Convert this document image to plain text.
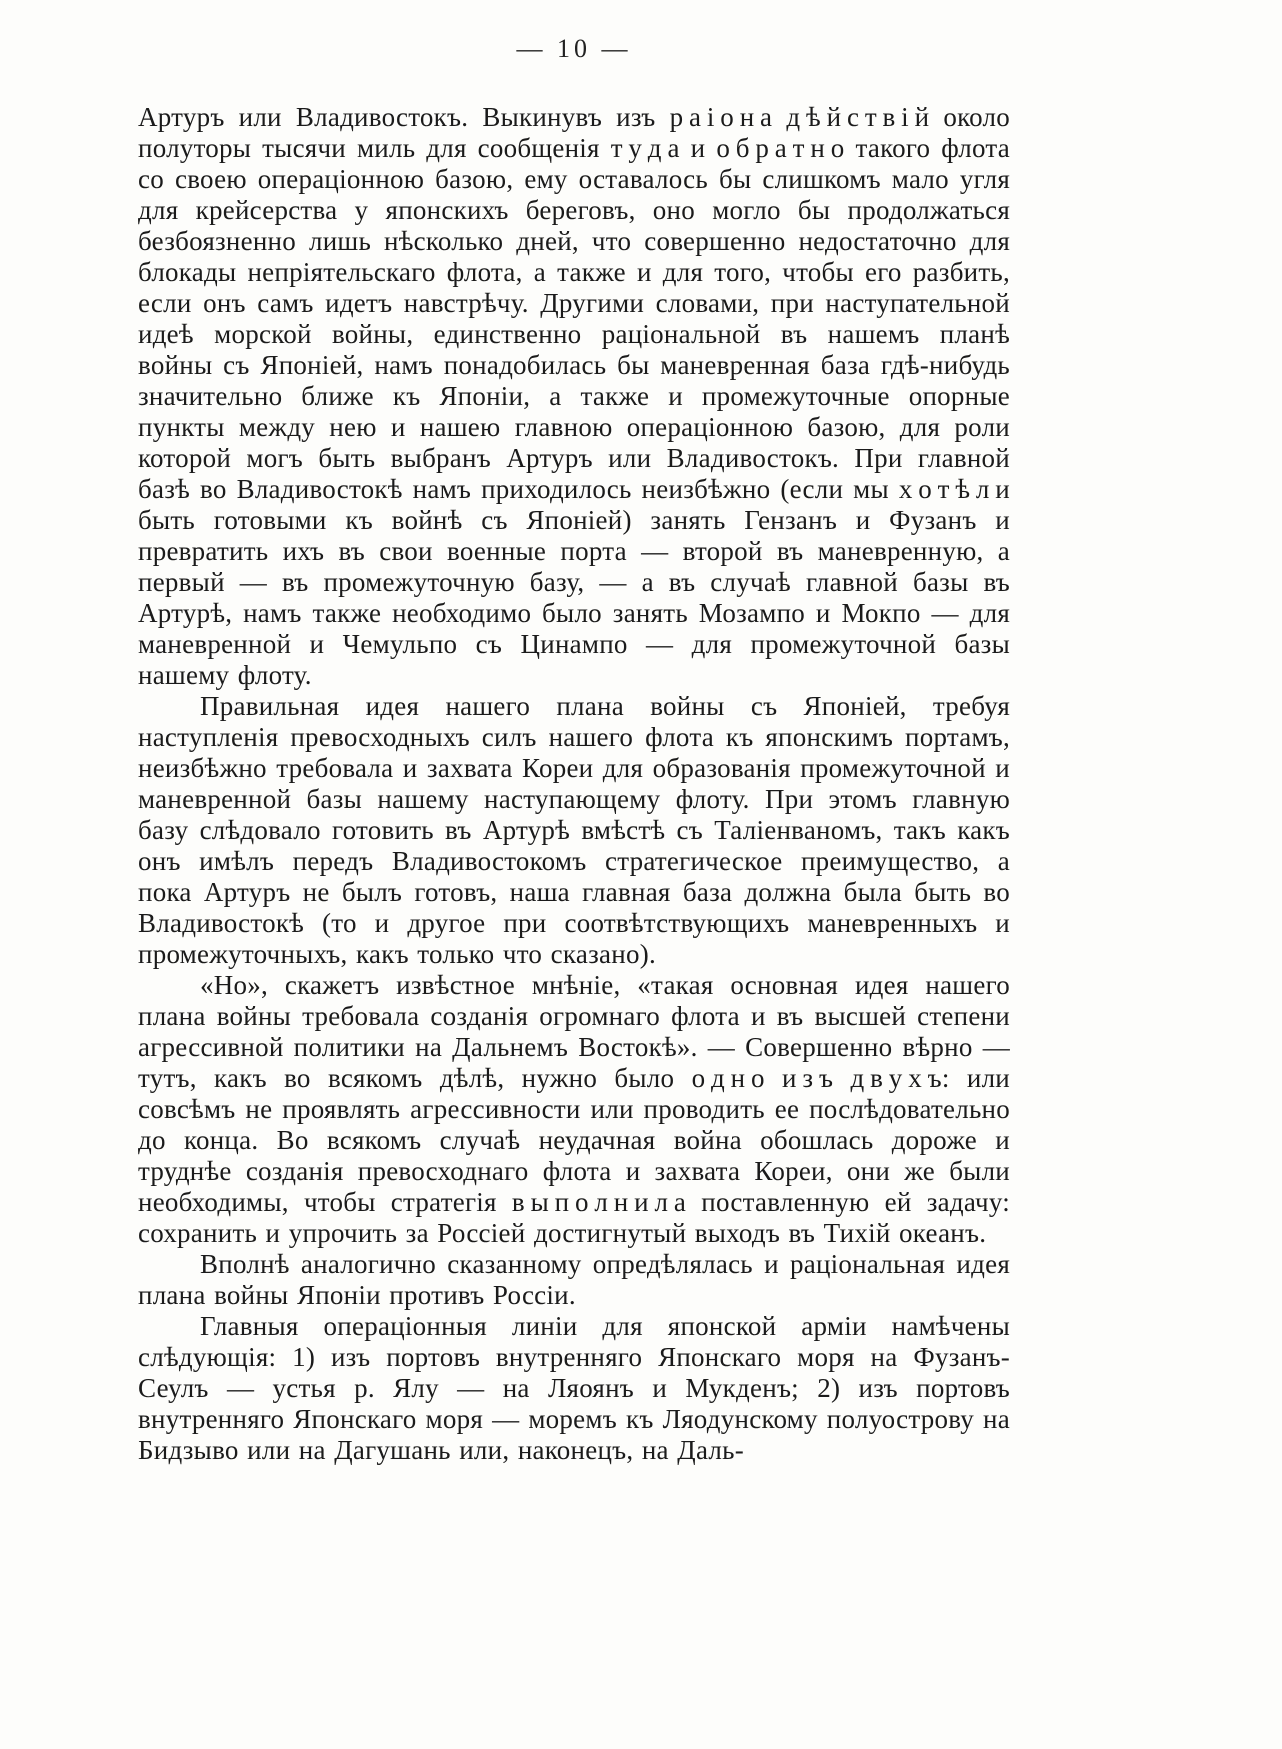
— 10 —

Артуръ или Владивостокъ. Выкинувъ изъ р а і о н а д ѣ й с т в і й около полуторы тысячи миль для сообщенія т у д а и о б р а т н о такого флота со своею операціонною базою, ему оставалось бы слишкомъ мало угля для крейсерства у японскихъ береговъ, оно могло бы продолжаться безбоязненно лишь нѣсколько дней, что совершенно недостаточно для блокады непріятельскаго флота, а также и для того, чтобы его разбить, если онъ самъ идетъ навстрѣчу. Другими словами, при наступательной идеѣ морской войны, единственно раціональной въ нашемъ планѣ войны съ Японіей, намъ понадобилась бы маневренная база гдѣ-нибудь значительно ближе къ Японіи, а также и промежуточные опорные пункты между нею и нашею главною операціонною базою, для роли которой могъ быть выбранъ Артуръ или Владивостокъ. При главной базѣ во Владивостокѣ намъ приходилось неизбѣжно (если мы х о т ѣ л и быть готовыми къ войнѣ съ Японіей) занять Гензанъ и Фузанъ и превратить ихъ въ свои военные порта — второй въ маневренную, а первый — въ промежуточную базу, — а въ случаѣ главной базы въ Артурѣ, намъ также необходимо было занять Мозампо и Мокпо — для маневренной и Чемульпо съ Цинампо — для промежуточной базы нашему флоту.

Правильная идея нашего плана войны съ Японіей, требуя наступленія превосходныхъ силъ нашего флота къ японскимъ портамъ, неизбѣжно требовала и захвата Кореи для образованія промежуточной и маневренной базы нашему наступающему флоту. При этомъ главную базу слѣдовало готовить въ Артурѣ вмѣстѣ съ Таліенваномъ, такъ какъ онъ имѣлъ передъ Владивостокомъ стратегическое преимущество, а пока Артуръ не былъ готовъ, наша главная база должна была быть во Владивостокѣ (то и другое при соотвѣтствующихъ маневренныхъ и промежуточныхъ, какъ только что сказано).

«Но», скажетъ извѣстное мнѣніе, «такая основная идея нашего плана войны требовала созданія огромнаго флота и въ высшей степени агрессивной политики на Дальнемъ Востокѣ». — Совершенно вѣрно — тутъ, какъ во всякомъ дѣлѣ, нужно было о д н о и з ъ д в у х ъ: или совсѣмъ не проявлять агрессивности или проводить ее послѣдовательно до конца. Во всякомъ случаѣ неудачная война обошлась дороже и труднѣе созданія превосходнаго флота и захвата Кореи, они же были необходимы, чтобы стратегія в ы п о л н и л а поставленную ей задачу: сохранить и упрочить за Россіей достигнутый выходъ въ Тихій океанъ.

Вполнѣ аналогично сказанному опредѣлялась и раціональная идея плана войны Японіи противъ Россіи.

Главныя операціонныя линіи для японской арміи намѣчены слѣдующія: 1) изъ портовъ внутренняго Японскаго моря на Фузанъ-Сеулъ — устья р. Ялу — на Ляоянъ и Мукденъ; 2) изъ портовъ внутренняго Японскаго моря — моремъ къ Ляодунскому полуострову на Бидзыво или на Дагушань или, наконецъ, на Даль-
